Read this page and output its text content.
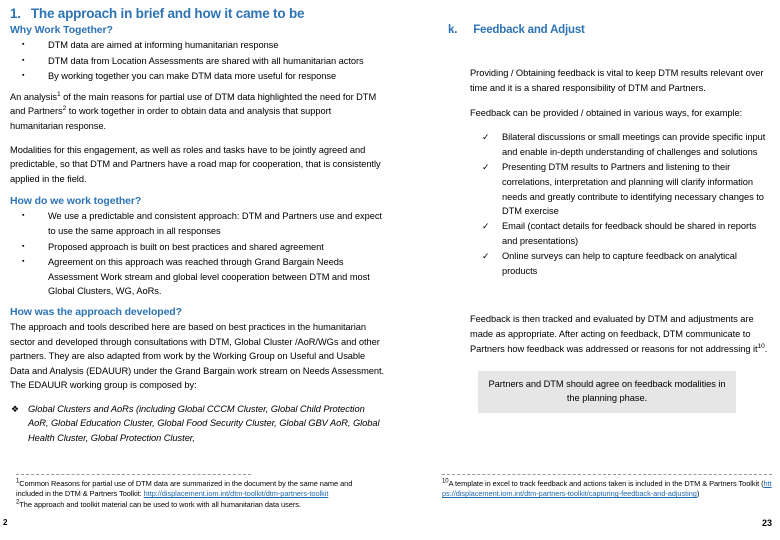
1. The approach in brief and how it came to be
Why Work Together?
▪	DTM data are aimed at informing humanitarian response
▪	DTM data from Location Assessments are shared with all humanitarian actors
▪	By working together you can make DTM data more useful for response

An analysis$^1$ of the main reasons for partial use of DTM data highlighted the need for DTM and Partners$^2$ to work together in order to obtain data and analysis that support humanitarian response.

Modalities for this engagement, as well as roles and tasks have to be jointly agreed and predictable, so that DTM and Partners have a road map for cooperation, that is consistently applied in the field.

How do we work together?
▪	We use a predictable and consistent approach: DTM and Partners use and expect to use the same approach in all responses
▪	Proposed approach is built on best practices and shared agreement
▪	Agreement on this approach was reached through Grand Bargain Needs Assessment Work stream and global level cooperation between DTM and most Global Clusters, WG, AoRs.
How was the approach developed?

The approach and tools described here are based on best practices in the humanitarian sector and developed through consultations with DTM, Global Cluster /AoR/WGs and other partners. They are also adapted from work by the Working Group on Useful and Usable Data and Analysis (EDAUUR) under the Grand Bargain work stream on Needs Assessment. The EDAUUR working group is composed by:

❖ Global Clusters and AoRs (including Global CCCM Cluster, Global Child Protection AoR, Global Education Cluster, Global Food Security Cluster, Global GBV AoR, Global Health Cluster, Global Protection Cluster,
k. Feedback and Adjust

Providing / Obtaining feedback is vital to keep DTM results relevant over time and it is a shared responsibility of DTM and Partners.

Feedback can be provided / obtained in various ways, for example:

✓ Bilateral discussions or small meetings can provide specific input and enable in-depth understanding of challenges and solutions
✓ Presenting DTM results to Partners and listening to their correlations, interpretation and planning will clarify information needs and greatly contribute to identifying necessary changes to DTM exercise
✓ Email (contact details for feedback should be shared in reports and presentations)
✓ Online surveys can help to capture feedback on analytical products

Feedback is then tracked and evaluated by DTM and adjustments are made as appropriate. After acting on feedback, DTM communicate to Partners how feedback was addressed or reasons for not addressing $it^{10}$.

Partners and DTM should agree on feedback modalities in the planning phase.

$^1$Common Reasons for partial use of DTM data are summarized in the document by the same name and included in the DTM & Partners Toolkit: http://displacement.iom.int/dtm-toolkit/dtm-partners-toolkit

$^2$The approach and toolkit material can be used to work with all humanitarian data users.

$^{10}$A template in excel to track feedback and actions taken is included in the DTM & Partners Toolkit (https://displacement.iom.int/dtm-partners-toolkit/capturing-feedback-and-adjusting)

2	23
